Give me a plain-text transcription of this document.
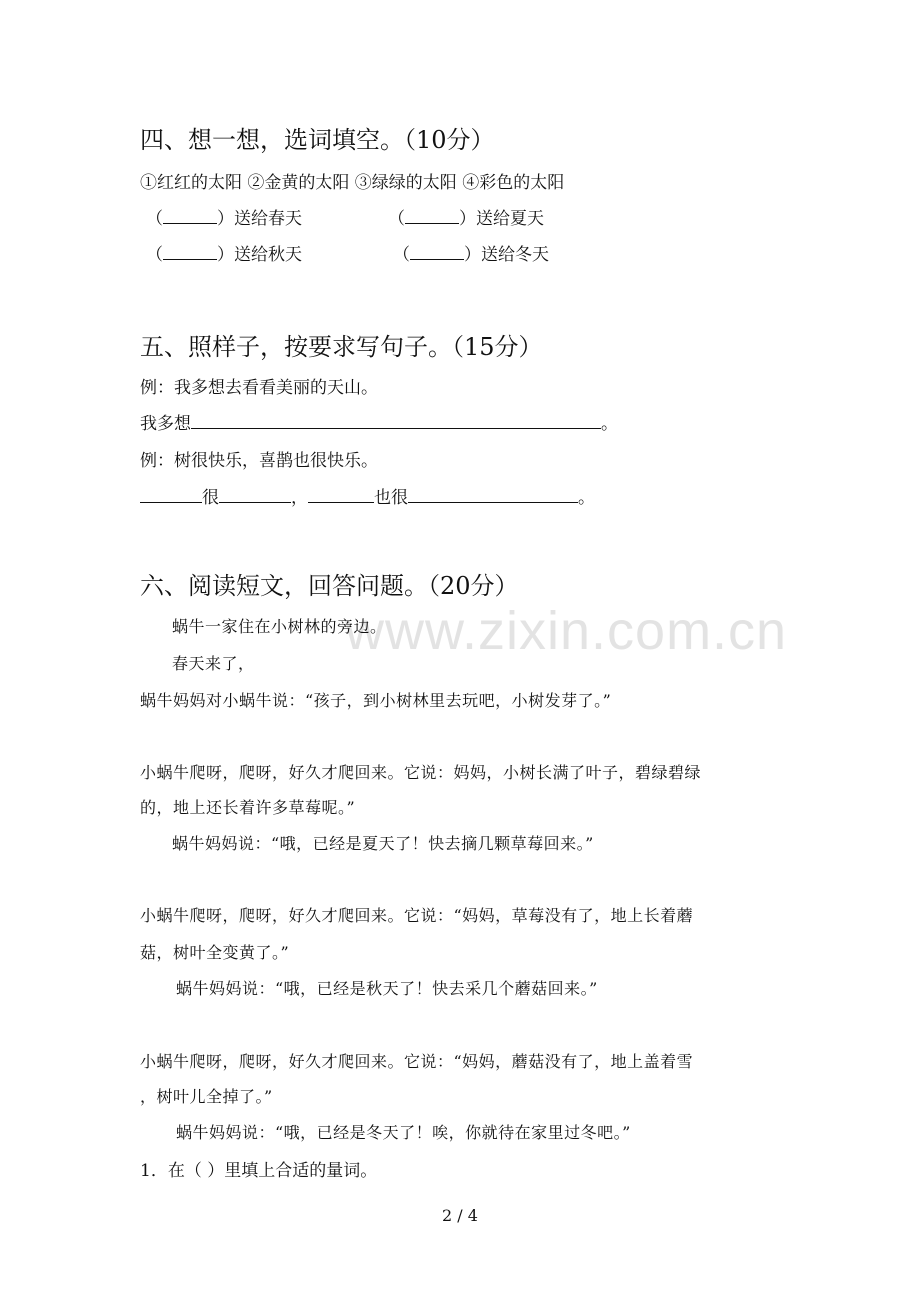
www.zixin.com.cn
四、想一想，选词填空。（10分）
①红红的太阳 ②金黄的太阳 ③绿绿的太阳 ④彩色的太阳
（	）送给春天	（	）送给夏天
（	）送给秋天	（	）送给冬天
五、照样子，按要求写句子。（15分）
例：我多想去看看美丽的天山。
我多想	。
例：树很快乐，喜鹊也很快乐。
很	，	也很	。
六、阅读短文，回答问题。（20分）
蜗牛一家住在小树林的旁边。
春天来了，
蜗牛妈妈对小蜗牛说：“孩子，到小树林里去玩吧，小树发芽了。”
小蜗牛爬呀，爬呀，好久才爬回来。它说：妈妈，小树长满了叶子，碧绿碧绿
的，地上还长着许多草莓呢。”
蜗牛妈妈说：“哦，已经是夏天了！快去摘几颗草莓回来。”
小蜗牛爬呀，爬呀，好久才爬回来。它说：“妈妈，草莓没有了，地上长着蘑
菇，树叶全变黄了。”
蜗牛妈妈说：“哦，已经是秋天了！快去采几个蘑菇回来。”
小蜗牛爬呀，爬呀，好久才爬回来。它说：“妈妈，蘑菇没有了，地上盖着雪
，树叶儿全掉了。”
蜗牛妈妈说：“哦，已经是冬天了！唉，你就待在家里过冬吧。”
1．在（ ）里填上合适的量词。
2 / 4
